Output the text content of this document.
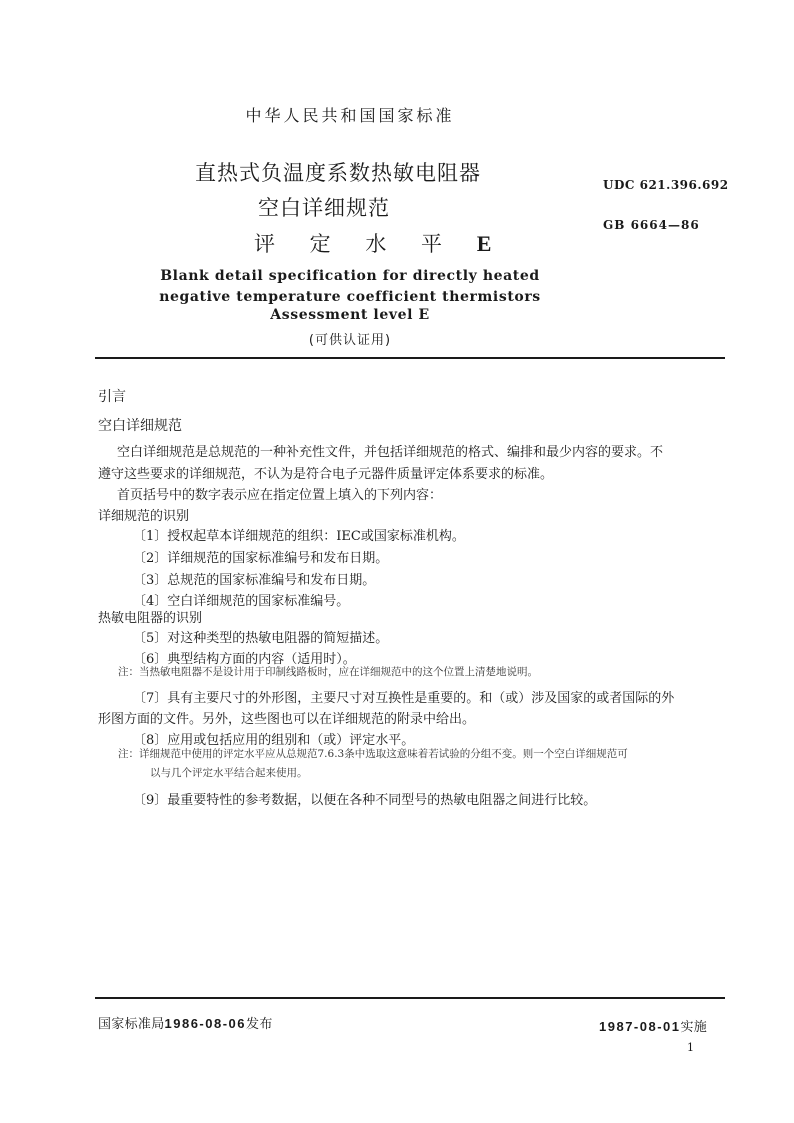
中华人民共和国国家标准
直热式负温度系数热敏电阻器
空白详细规范
评 定 水 平 E
UDC 621.396.692
GB 6664—86
Blank detail specification for directly heated
negative temperature coefficient thermistors
Assessment level E
(可供认证用)
引言
空白详细规范
空白详细规范是总规范的一种补充性文件，并包括详细规范的格式、编排和最少内容的要求。不
遵守这些要求的详细规范，不认为是符合电子元器件质量评定体系要求的标准。
首页括号中的数字表示应在指定位置上填入的下列内容：
详细规范的识别
〔1〕授权起草本详细规范的组织：IEC或国家标准机构。
〔2〕详细规范的国家标准编号和发布日期。
〔3〕总规范的国家标准编号和发布日期。
〔4〕空白详细规范的国家标准编号。
热敏电阻器的识别
〔5〕对这种类型的热敏电阻器的简短描述。
〔6〕典型结构方面的内容（适用时）。
注：当热敏电阻器不是设计用于印制线路板时，应在详细规范中的这个位置上清楚地说明。
〔7〕具有主要尺寸的外形图，主要尺寸对互换性是重要的。和（或）涉及国家的或者国际的外
形图方面的文件。另外，这些图也可以在详细规范的附录中给出。
〔8〕应用或包括应用的组别和（或）评定水平。
注：详细规范中使用的评定水平应从总规范7.6.3条中选取这意味着若试验的分组不变。则一个空白详细规范可
以与几个评定水平结合起来使用。
〔9〕最重要特性的参考数据，以便在各种不同型号的热敏电阻器之间进行比较。
国家标准局1986-08-06发布	1987-08-01实施
1
